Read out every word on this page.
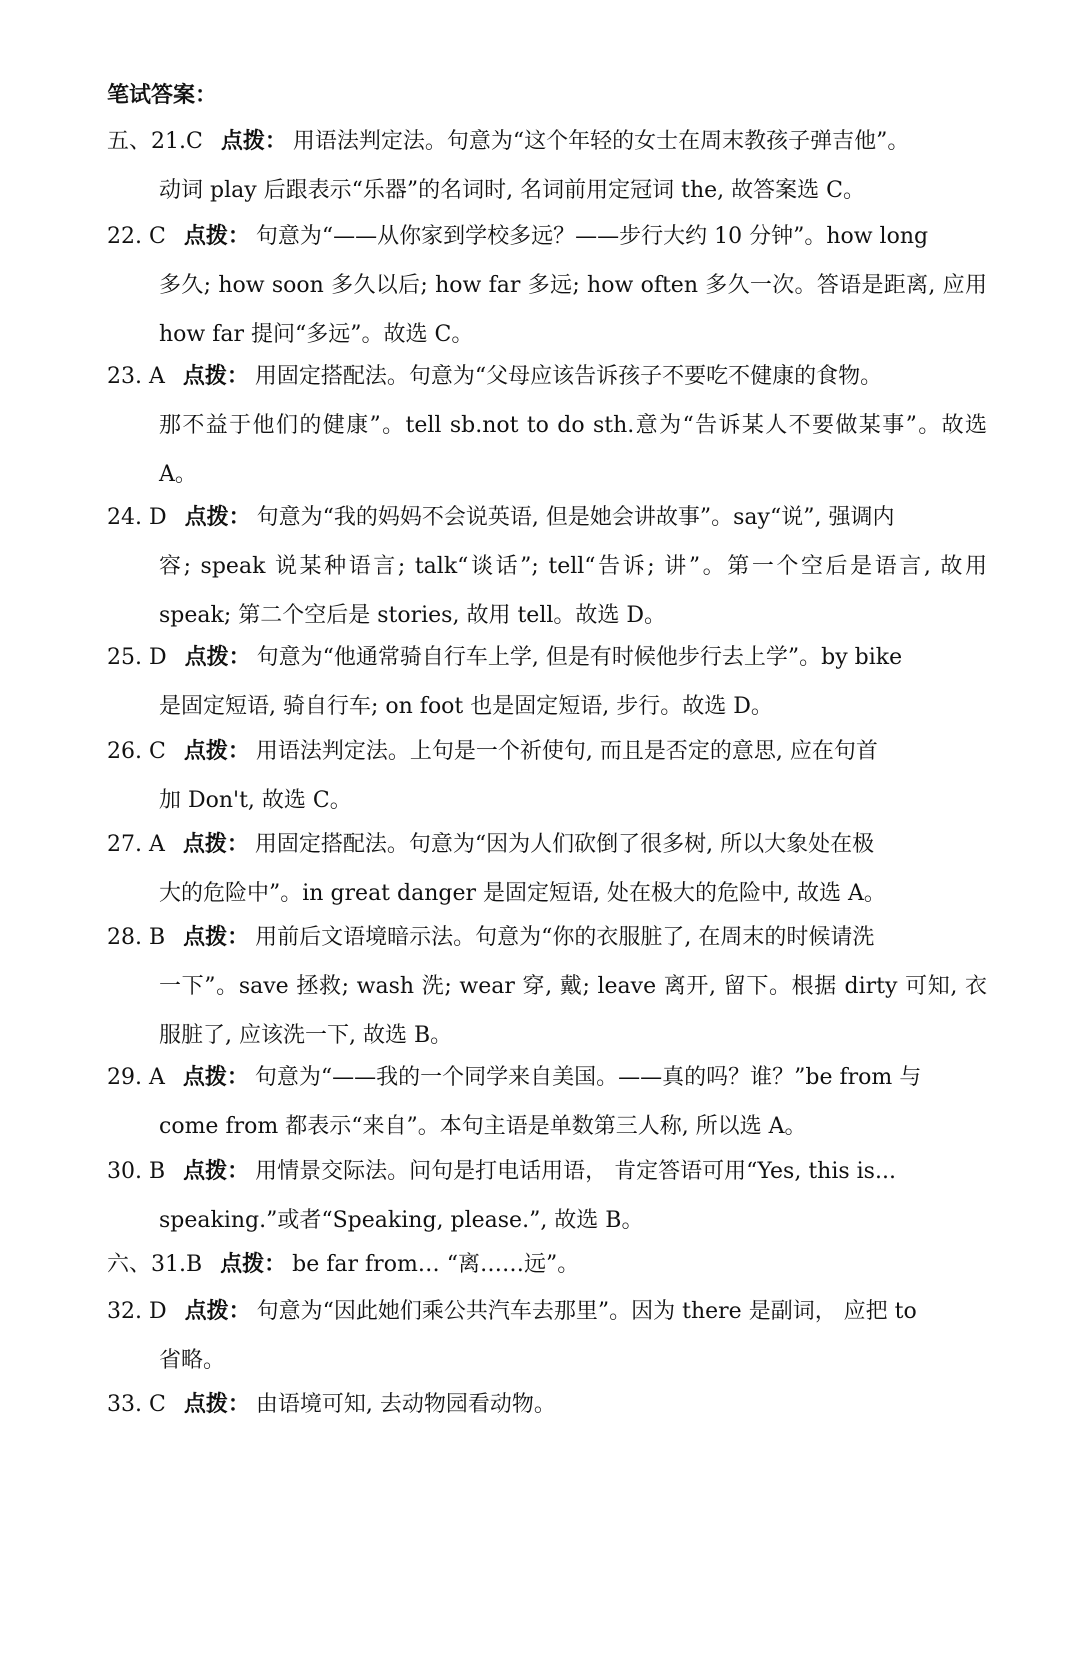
笔试答案：
五、21.C 点拨： 用语法判定法。句意为“这个年轻的女士在周末教孩子弹吉他”。
动词 play 后跟表示“乐器”的名词时, 名词前用定冠词 the, 故答案选 C。
22. C 点拨： 句意为“——从你家到学校多远？——步行大约 10 分钟”。how long
多久; how soon 多久以后; how far 多远; how often 多久一次。答语是距离, 应用 how far 提问“多远”。故选 C。
23. A 点拨： 用固定搭配法。句意为“父母应该告诉孩子不要吃不健康的食物。
那不益于他们的健康”。tell sb.not to do sth.意为“告诉某人不要做某事”。故选 A。
24. D 点拨： 句意为“我的妈妈不会说英语, 但是她会讲故事”。say“说”, 强调内
容; speak 说某种语言; talk“谈话”; tell“告诉; 讲”。第一个空后是语言, 故用 speak; 第二个空后是 stories, 故用 tell。故选 D。
25. D 点拨： 句意为“他通常骑自行车上学, 但是有时候他步行去上学”。by bike
是固定短语, 骑自行车; on foot 也是固定短语, 步行。故选 D。
26. C 点拨： 用语法判定法。上句是一个祈使句, 而且是否定的意思, 应在句首
加 Don't, 故选 C。
27. A 点拨： 用固定搭配法。句意为“因为人们砍倒了很多树, 所以大象处在极
大的危险中”。in great danger 是固定短语, 处在极大的危险中, 故选 A。
28. B 点拨： 用前后文语境暗示法。句意为“你的衣服脏了, 在周末的时候请洗
一下”。save 拯救; wash 洗; wear 穿, 戴; leave 离开, 留下。根据 dirty 可知, 衣服脏了, 应该洗一下, 故选 B。
29. A 点拨： 句意为“——我的一个同学来自美国。——真的吗？谁？”be from 与
come from 都表示“来自”。本句主语是单数第三人称, 所以选 A。
30. B 点拨： 用情景交际法。问句是打电话用语， 肯定答语可用“Yes, this is...
speaking.”或者“Speaking, please.”, 故选 B。
六、31.B 点拨： be far from… “离……远”。
32. D 点拨： 句意为“因此她们乘公共汽车去那里”。因为 there 是副词， 应把 to
省略。
33. C 点拨： 由语境可知, 去动物园看动物。
